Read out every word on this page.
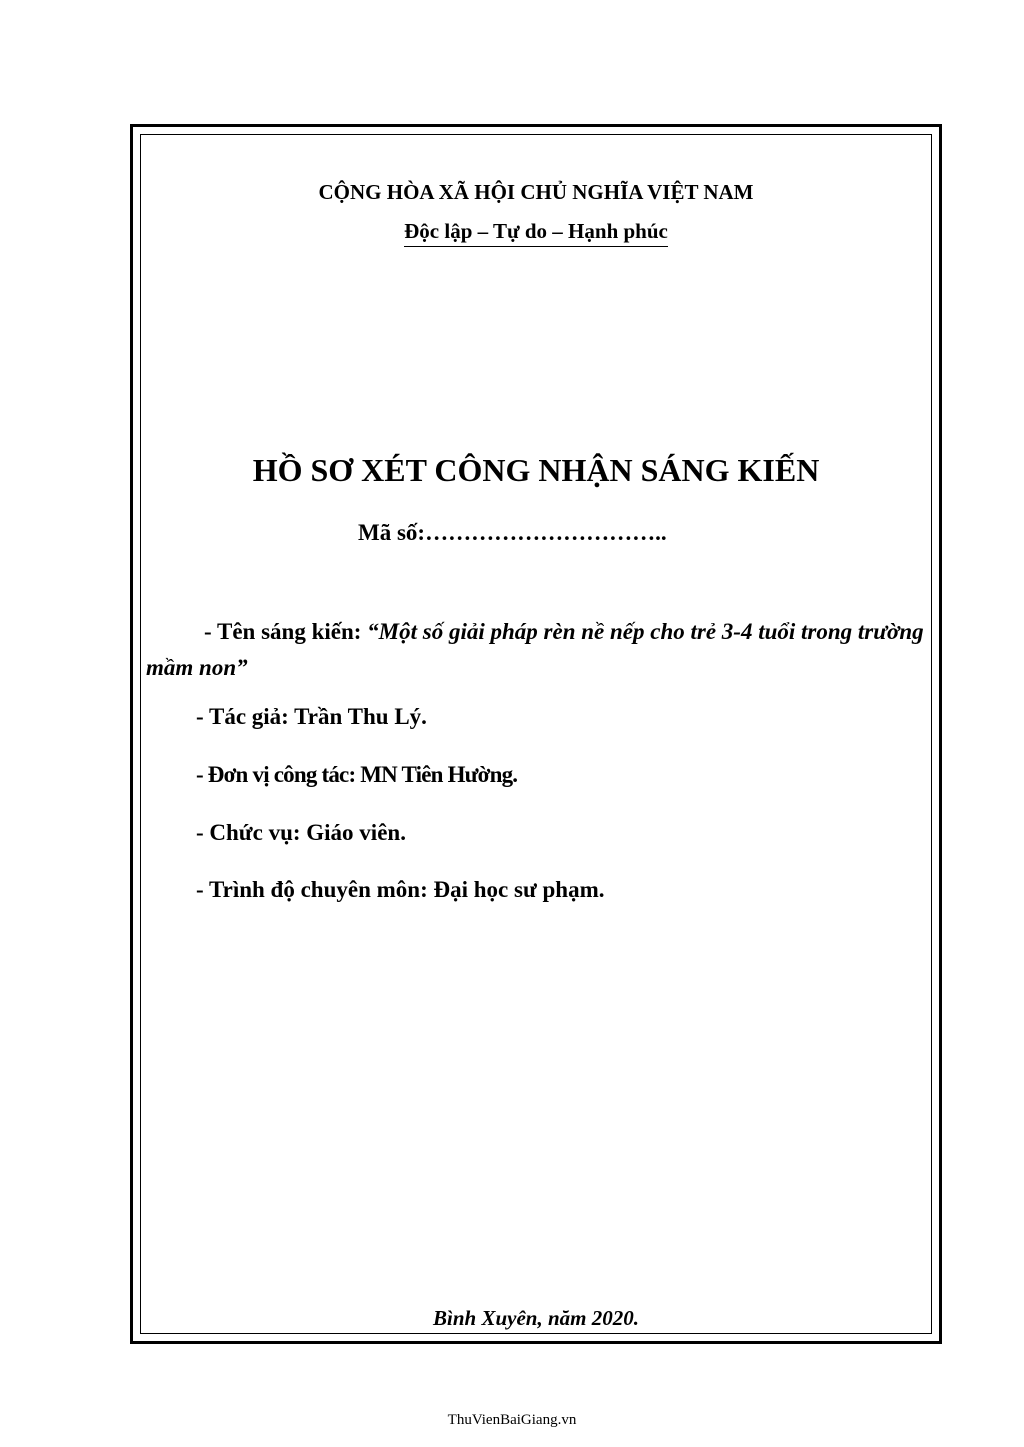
CỘNG HÒA XÃ HỘI CHỦ NGHĨA VIỆT NAM
Độc lập – Tự do – Hạnh phúc
HỒ SƠ XÉT CÔNG NHẬN SÁNG KIẾN
Mã số:…………………………..
- Tên sáng kiến: “Một số giải pháp rèn nề nếp cho trẻ 3-4 tuổi trong trường mầm non”
- Tác giả: Trần Thu Lý.
- Đơn vị công tác: MN Tiên Hường.
- Chức vụ: Giáo viên.
- Trình độ chuyên môn: Đại học sư phạm.
Bình Xuyên, năm 2020.
ThuVienBaiGiang.vn
